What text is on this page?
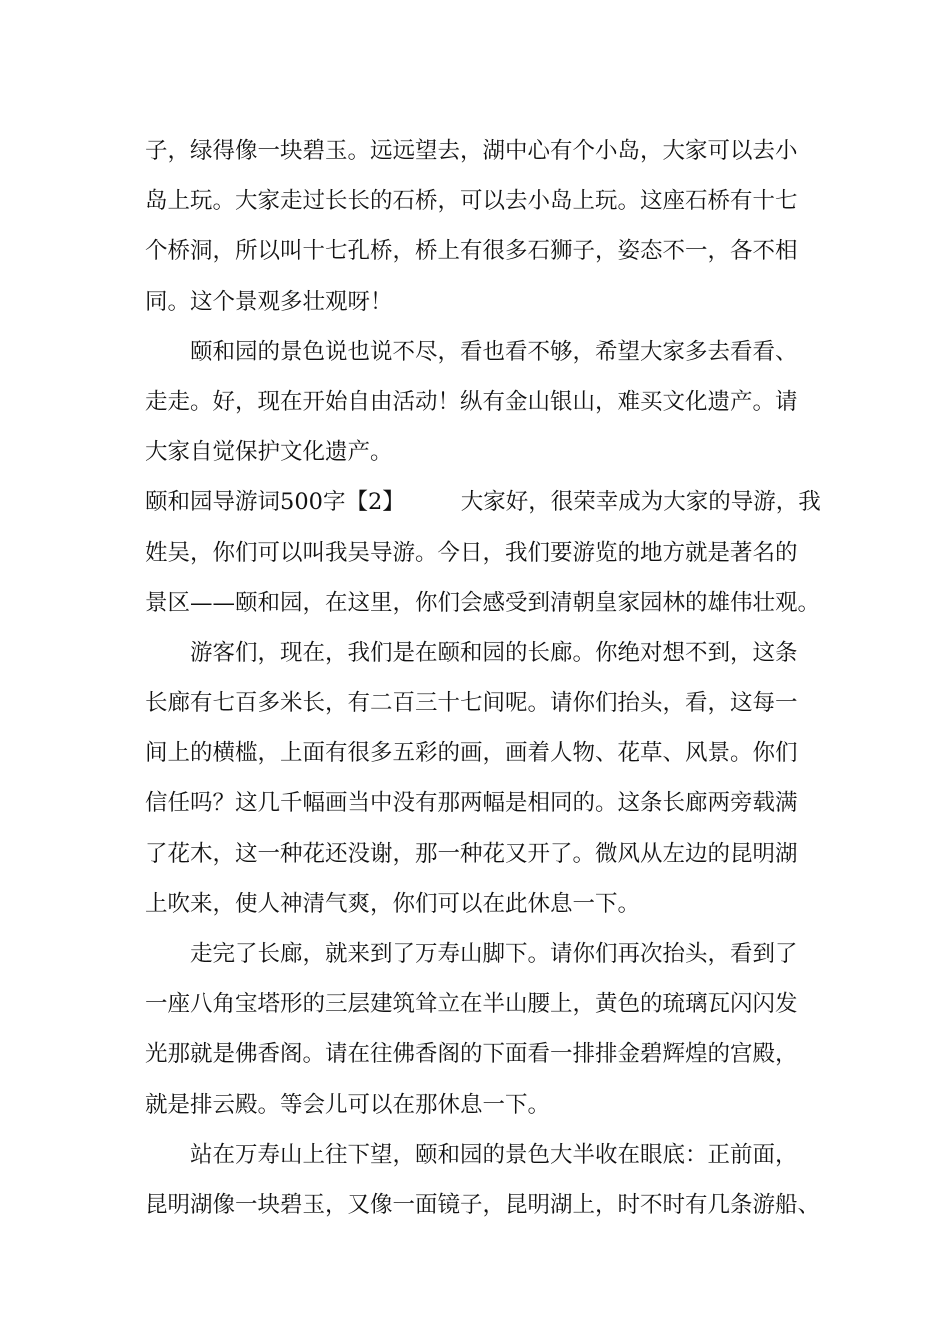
子，绿得像一块碧玉。远远望去，湖中心有个小岛，大家可以去小
岛上玩。大家走过长长的石桥，可以去小岛上玩。这座石桥有十七
个桥洞，所以叫十七孔桥，桥上有很多石狮子，姿态不一，各不相
同。这个景观多壮观呀！
颐和园的景色说也说不尽，看也看不够，希望大家多去看看、
走走。好，现在开始自由活动！纵有金山银山，难买文化遗产。请
大家自觉保护文化遗产。
颐和园导游词500字【2】 大家好，很荣幸成为大家的导游，我
姓吴，你们可以叫我吴导游。今日，我们要游览的地方就是著名的
景区——颐和园，在这里，你们会感受到清朝皇家园林的雄伟壮观。
游客们，现在，我们是在颐和园的长廊。你绝对想不到，这条
长廊有七百多米长，有二百三十七间呢。请你们抬头，看，这每一
间上的横槛，上面有很多五彩的画，画着人物、花草、风景。你们
信任吗？这几千幅画当中没有那两幅是相同的。这条长廊两旁载满
了花木，这一种花还没谢，那一种花又开了。微风从左边的昆明湖
上吹来，使人神清气爽，你们可以在此休息一下。
走完了长廊，就来到了万寿山脚下。请你们再次抬头，看到了
一座八角宝塔形的三层建筑耸立在半山腰上，黄色的琉璃瓦闪闪发
光那就是佛香阁。请在往佛香阁的下面看一排排金碧辉煌的宫殿，
就是排云殿。等会儿可以在那休息一下。
站在万寿山上往下望，颐和园的景色大半收在眼底：正前面，
昆明湖像一块碧玉，又像一面镜子，昆明湖上，时不时有几条游船、
